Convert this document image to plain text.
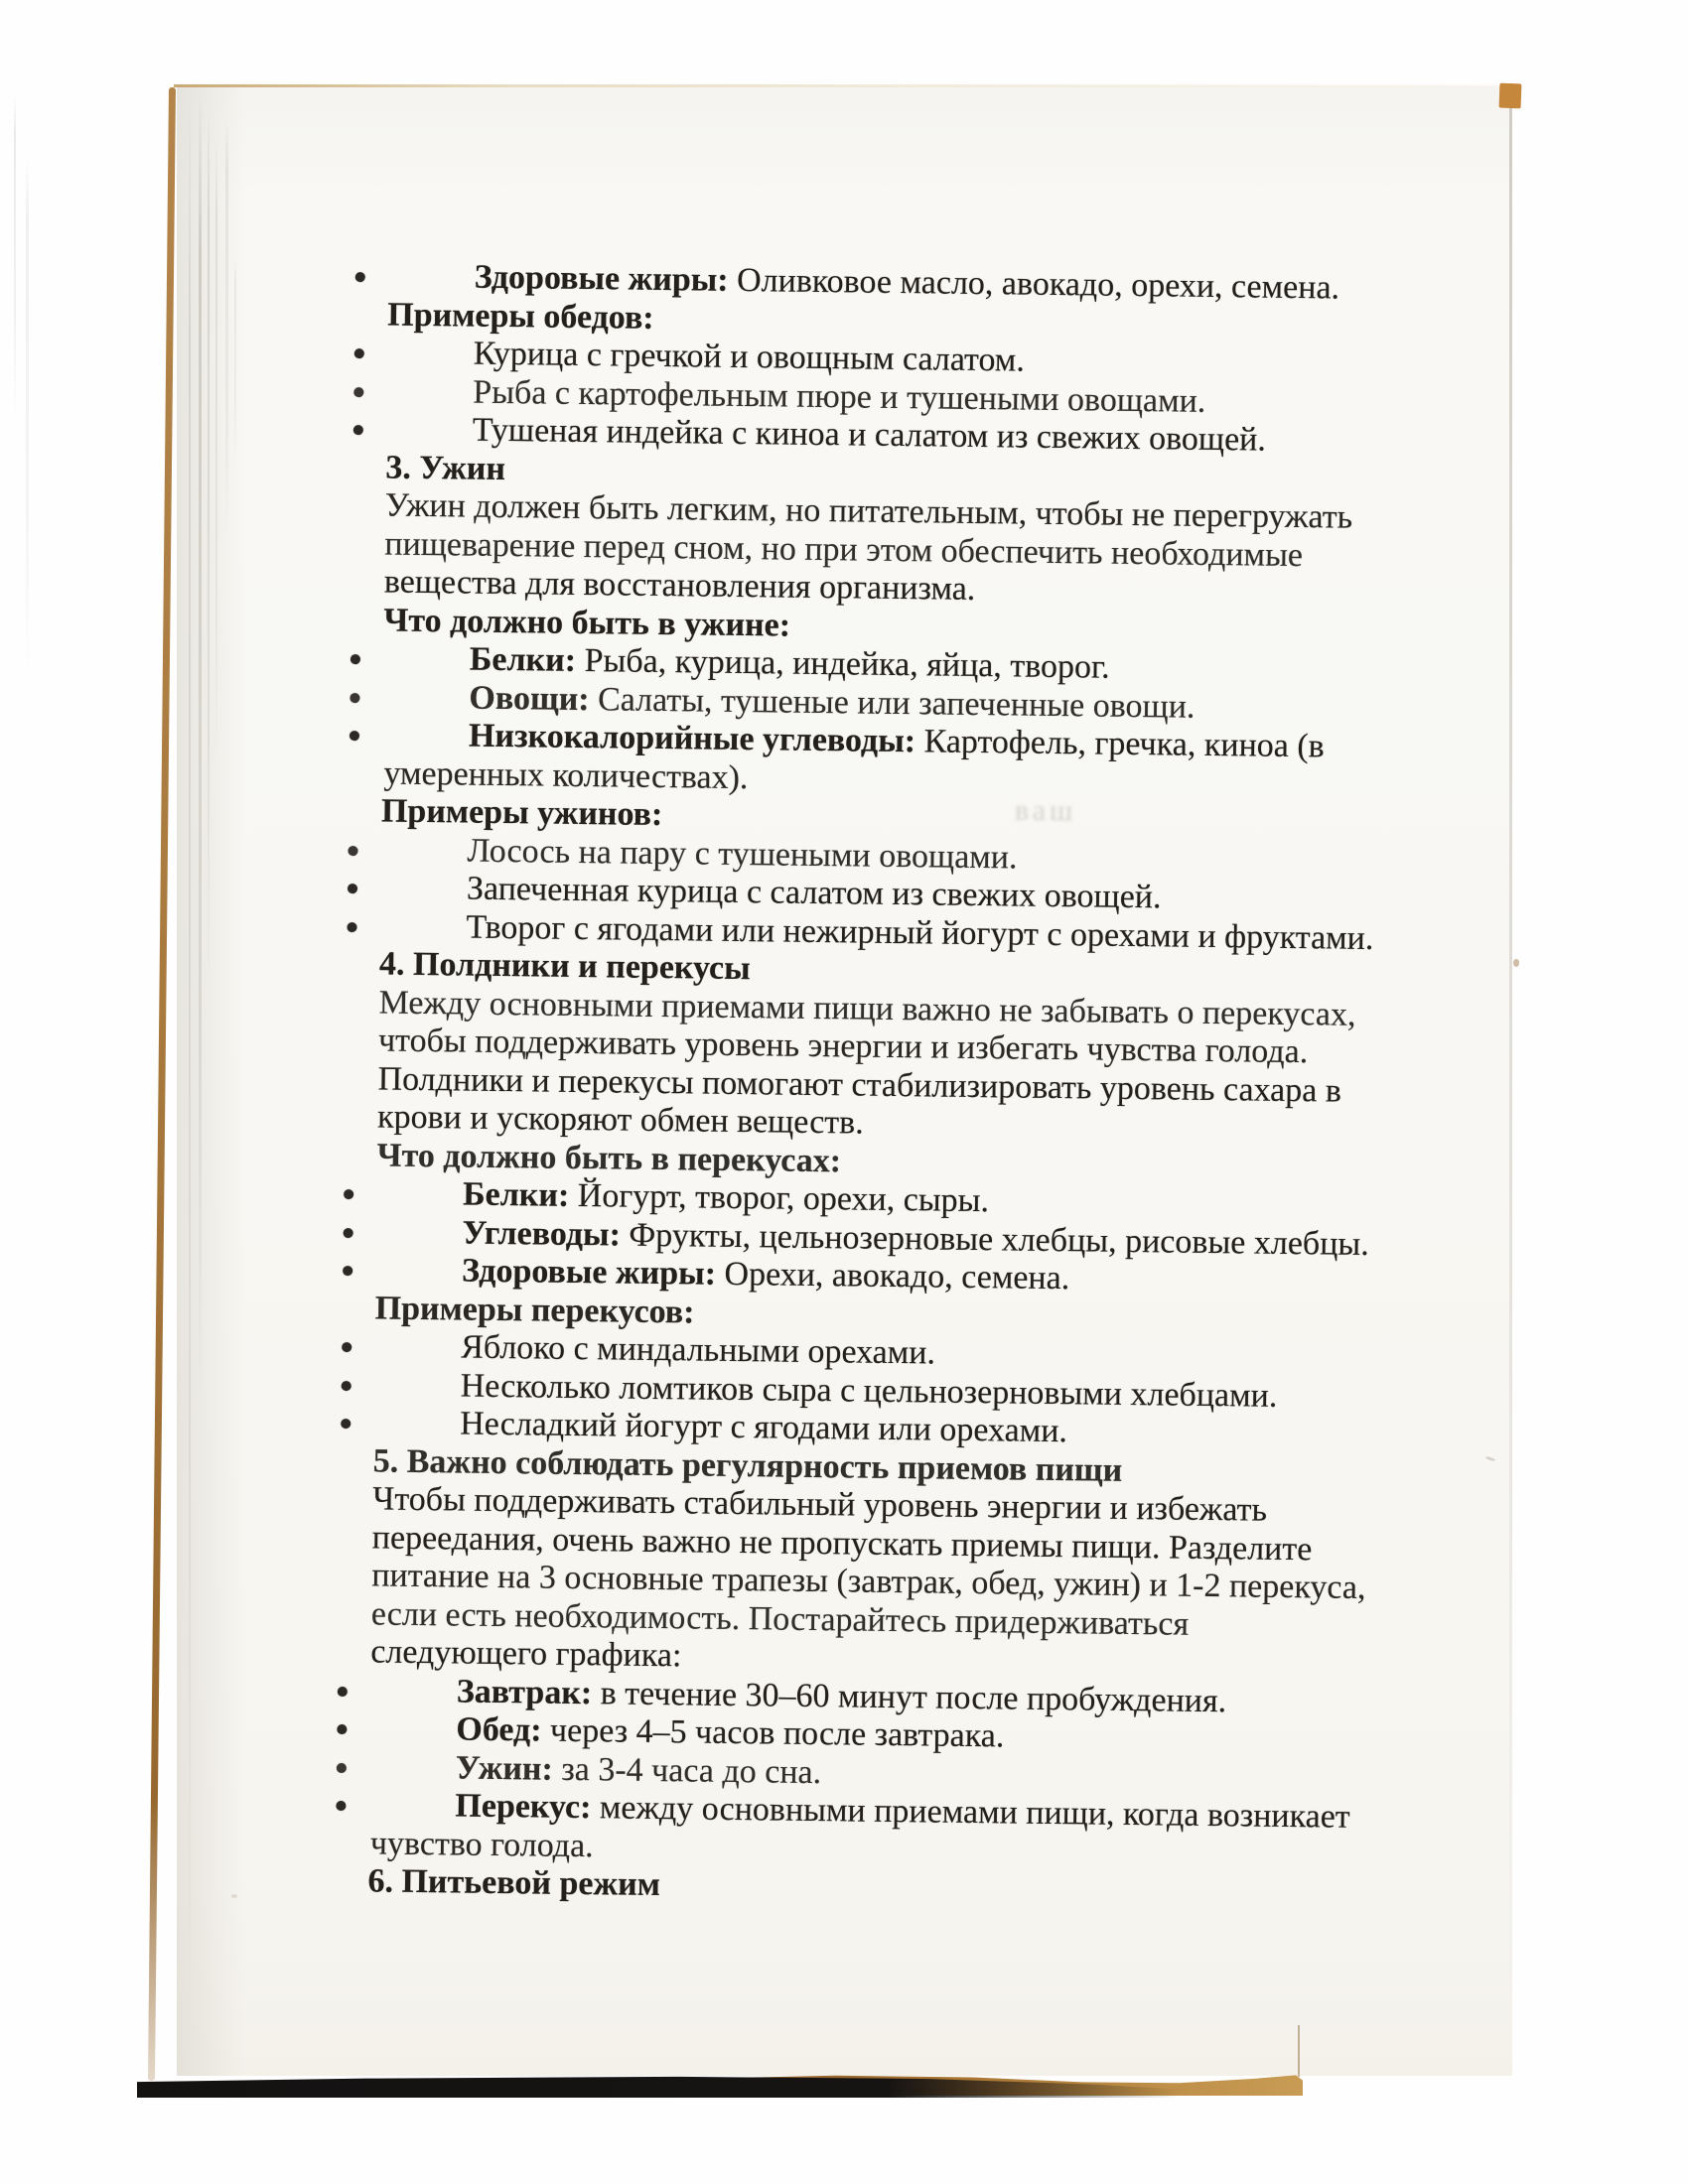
ваш
Здоровые жиры: Оливковое масло, авокадо, орехи, семена.
Примеры обедов:
Курица с гречкой и овощным салатом.
Рыба с картофельным пюре и тушеными овощами.
Тушеная индейка с киноа и салатом из свежих овощей.
3. Ужин
Ужин должен быть легким, но питательным, чтобы не перегружать
пищеварение перед сном, но при этом обеспечить необходимые
вещества для восстановления организма.
Что должно быть в ужине:
Белки: Рыба, курица, индейка, яйца, творог.
Овощи: Салаты, тушеные или запеченные овощи.
Низкокалорийные углеводы: Картофель, гречка, киноа (в
умеренных количествах).
Примеры ужинов:
Лосось на пару с тушеными овощами.
Запеченная курица с салатом из свежих овощей.
Творог с ягодами или нежирный йогурт с орехами и фруктами.
4. Полдники и перекусы
Между основными приемами пищи важно не забывать о перекусах,
чтобы поддерживать уровень энергии и избегать чувства голода.
Полдники и перекусы помогают стабилизировать уровень сахара в
крови и ускоряют обмен веществ.
Что должно быть в перекусах:
Белки: Йогурт, творог, орехи, сыры.
Углеводы: Фрукты, цельнозерновые хлебцы, рисовые хлебцы.
Здоровые жиры: Орехи, авокадо, семена.
Примеры перекусов:
Яблоко с миндальными орехами.
Несколько ломтиков сыра с цельнозерновыми хлебцами.
Несладкий йогурт с ягодами или орехами.
5. Важно соблюдать регулярность приемов пищи
Чтобы поддерживать стабильный уровень энергии и избежать
переедания, очень важно не пропускать приемы пищи. Разделите
питание на 3 основные трапезы (завтрак, обед, ужин) и 1-2 перекуса,
если есть необходимость. Постарайтесь придерживаться
следующего графика:
Завтрак: в течение 30–60 минут после пробуждения.
Обед: через 4–5 часов после завтрака.
Ужин: за 3-4 часа до сна.
Перекус: между основными приемами пищи, когда возникает
чувство голода.
6. Питьевой режим
